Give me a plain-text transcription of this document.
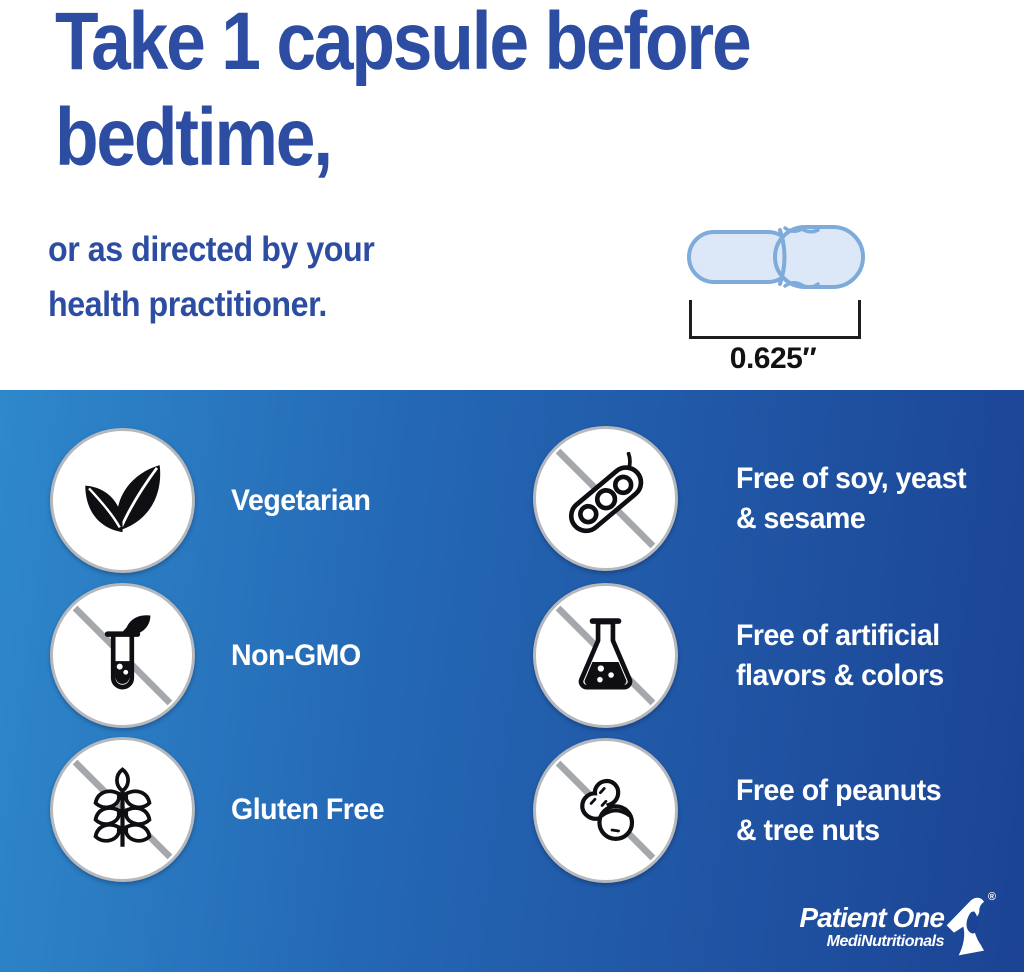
Take 1 capsule before
bedtime,
or as directed by your
health practitioner.
0.625″
Vegetarian
Non-GMO
Gluten Free
Free of soy, yeast
& sesame
Free of artificial
flavors & colors
Free of peanuts
& tree nuts
Patient One
MediNutritionals
®
